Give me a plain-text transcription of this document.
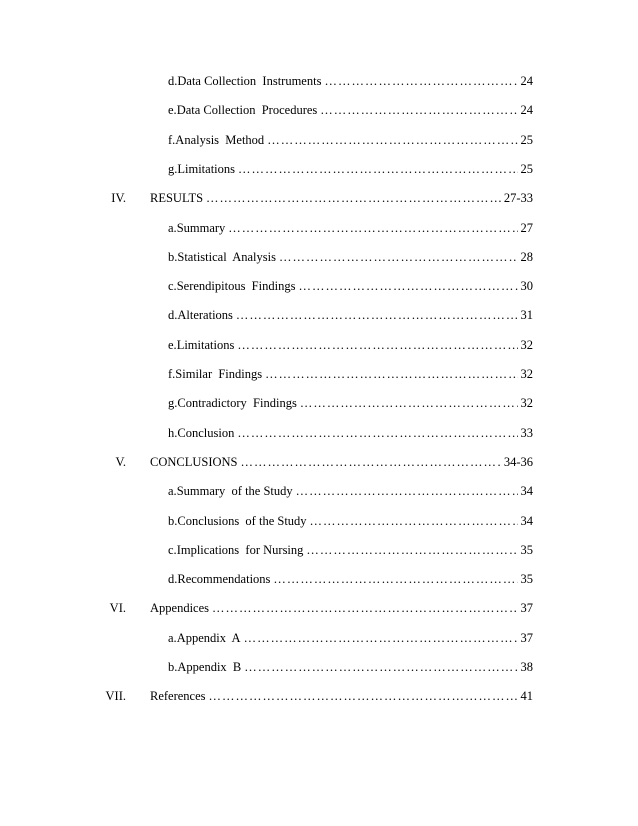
d. Data Collection  Instruments ………………………………………………………………………………………………………………………………………………	24
e. Data Collection  Procedures ………………………………………………………………………………………………………………………………………………	24
f. Analysis  Method ………………………………………………………………………………………………………………………………………………	25
g. Limitations ………………………………………………………………………………………………………………………………………………	25
IV. RESULTS ………………………………………………………………………………………………………………………………………………	27-33
a. Summary ………………………………………………………………………………………………………………………………………………	27
b. Statistical  Analysis ………………………………………………………………………………………………………………………………………………	28
c. Serendipitous  Findings ………………………………………………………………………………………………………………………………………………	30
d. Alterations ………………………………………………………………………………………………………………………………………………	31
e. Limitations ………………………………………………………………………………………………………………………………………………	32
f. Similar  Findings ………………………………………………………………………………………………………………………………………………	32
g. Contradictory  Findings ………………………………………………………………………………………………………………………………………………	32
h. Conclusion ………………………………………………………………………………………………………………………………………………	33
V. CONCLUSIONS ………………………………………………………………………………………………………………………………………………	34-36
a. Summary  of the Study ………………………………………………………………………………………………………………………………………………	34
b. Conclusions  of the Study ………………………………………………………………………………………………………………………………………………	34
c. Implications  for Nursing ………………………………………………………………………………………………………………………………………………	35
d. Recommendations ………………………………………………………………………………………………………………………………………………	35
VI. Appendices ………………………………………………………………………………………………………………………………………………	37
a. Appendix  A ………………………………………………………………………………………………………………………………………………	37
b. Appendix  B ………………………………………………………………………………………………………………………………………………	38
VII. References ………………………………………………………………………………………………………………………………………………	41
